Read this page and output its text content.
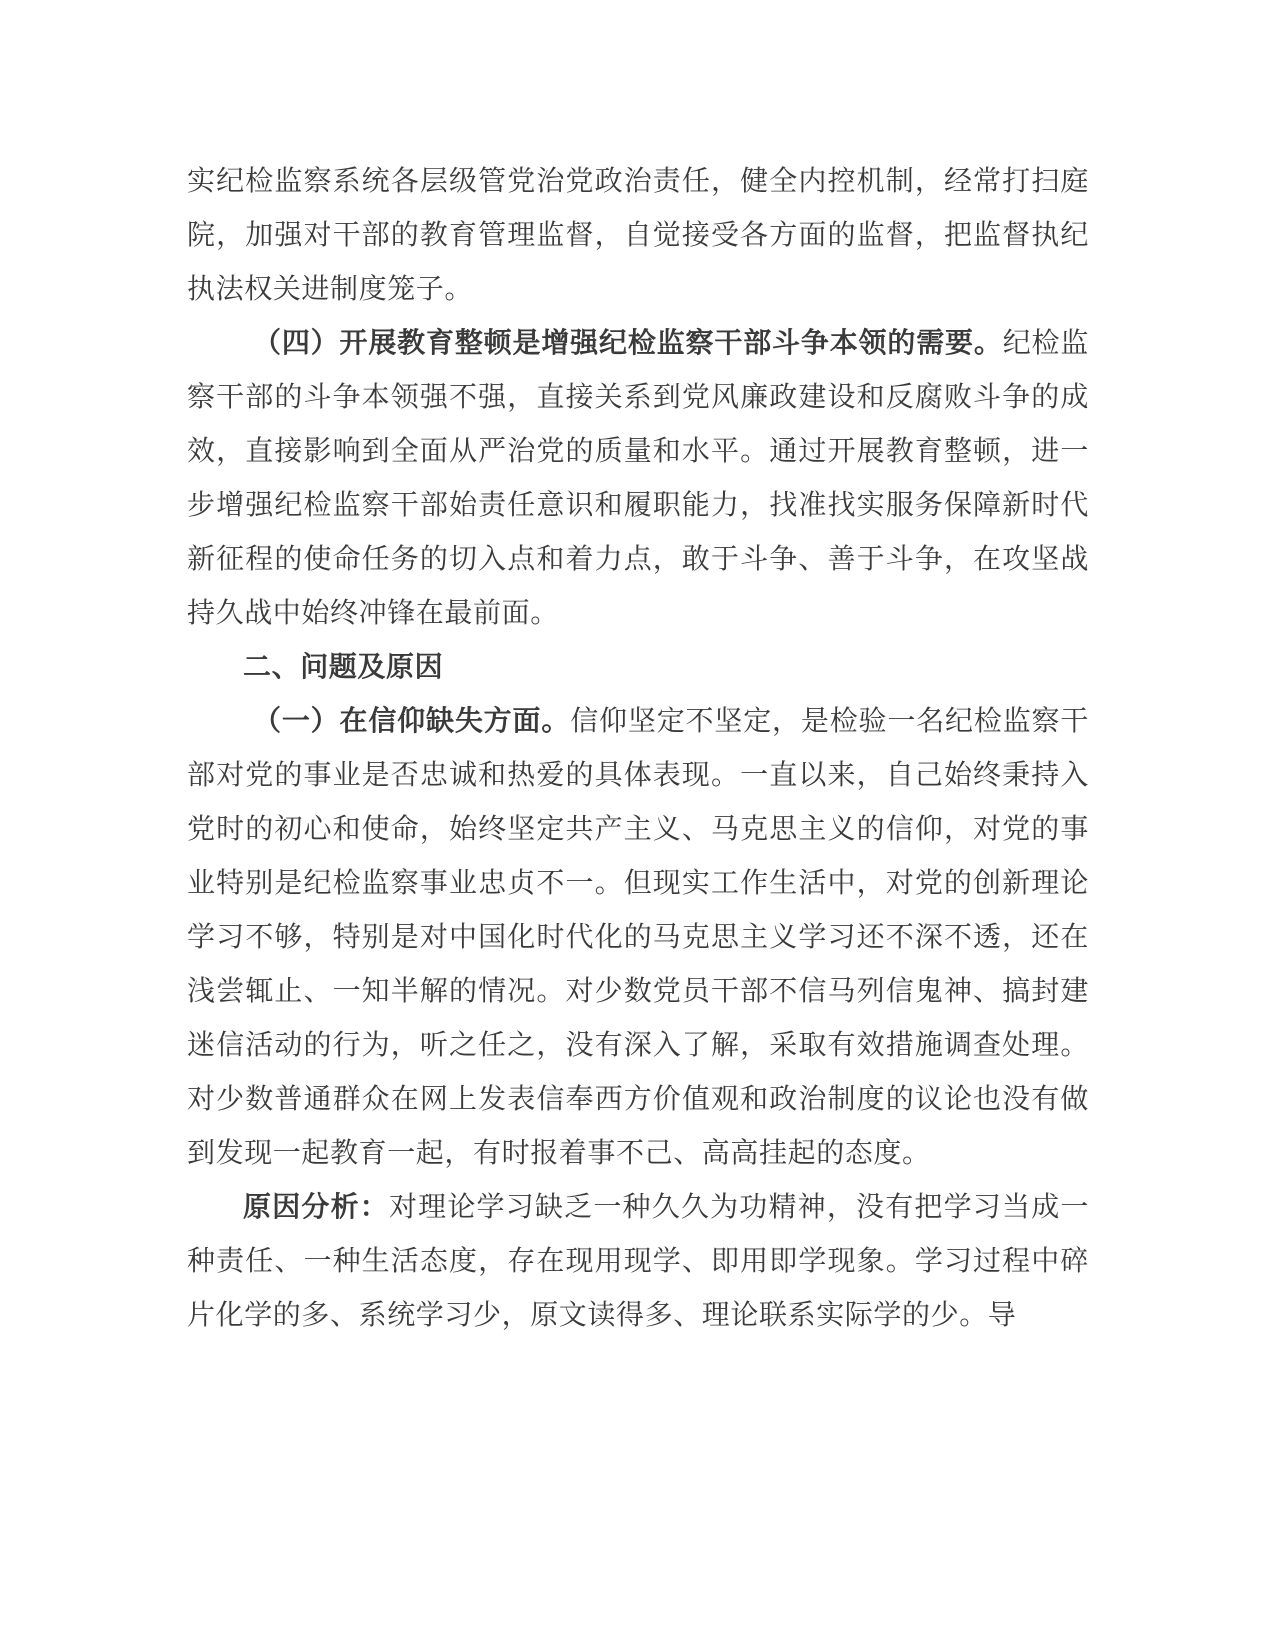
实纪检监察系统各层级管党治党政治责任，健全内控机制，经常打扫庭院，加强对干部的教育管理监督，自觉接受各方面的监督，把监督执纪执法权关进制度笼子。

（四）开展教育整顿是增强纪检监察干部斗争本领的需要。纪检监察干部的斗争本领强不强，直接关系到党风廉政建设和反腐败斗争的成效，直接影响到全面从严治党的质量和水平。通过开展教育整顿，进一步增强纪检监察干部始责任意识和履职能力，找准找实服务保障新时代新征程的使命任务的切入点和着力点，敢于斗争、善于斗争，在攻坚战持久战中始终冲锋在最前面。

二、问题及原因

（一）在信仰缺失方面。信仰坚定不坚定，是检验一名纪检监察干部对党的事业是否忠诚和热爱的具体表现。一直以来，自己始终秉持入党时的初心和使命，始终坚定共产主义、马克思主义的信仰，对党的事业特别是纪检监察事业忠贞不一。但现实工作生活中，对党的创新理论学习不够，特别是对中国化时代化的马克思主义学习还不深不透，还在浅尝辄止、一知半解的情况。对少数党员干部不信马列信鬼神、搞封建迷信活动的行为，听之任之，没有深入了解，采取有效措施调查处理。对少数普通群众在网上发表信奉西方价值观和政治制度的议论也没有做到发现一起教育一起，有时报着事不己、高高挂起的态度。

原因分析：对理论学习缺乏一种久久为功精神，没有把学习当成一种责任、一种生活态度，存在现用现学、即用即学现象。学习过程中碎片化学的多、系统学习少，原文读得多、理论联系实际学的少。导
